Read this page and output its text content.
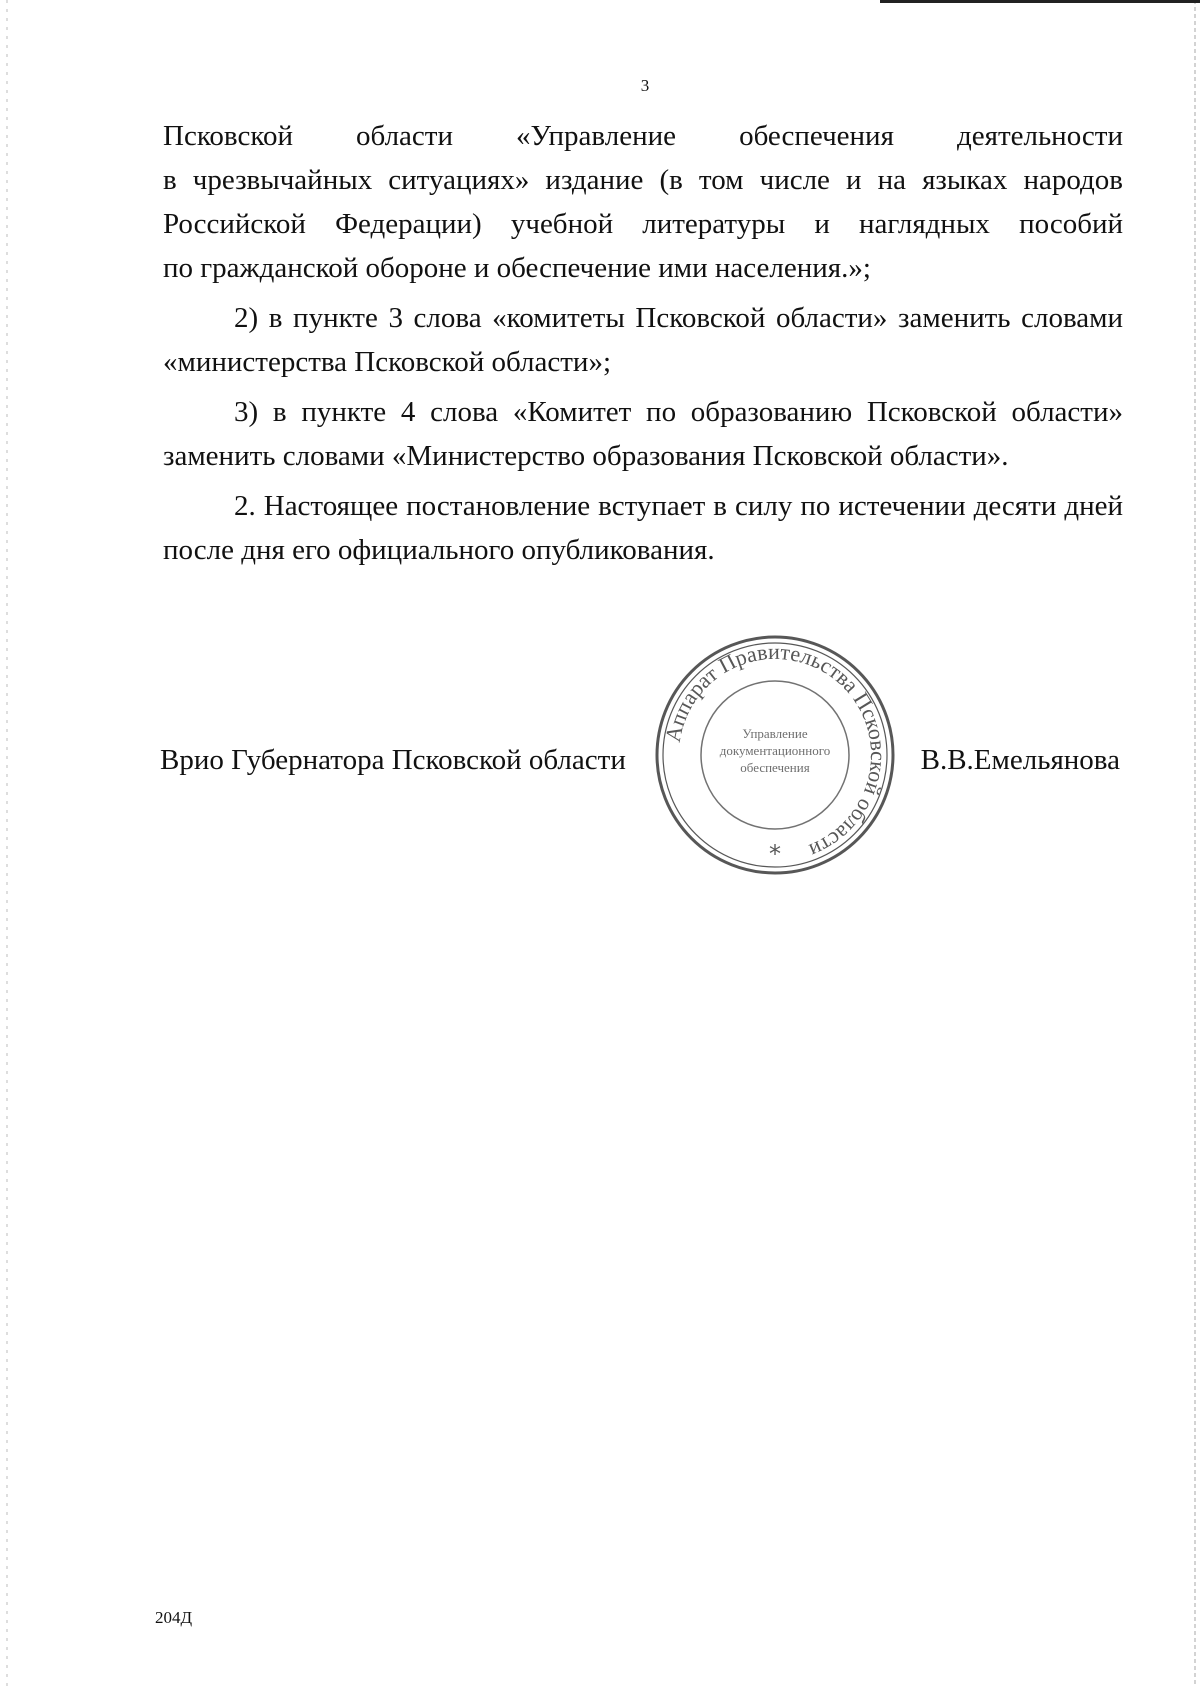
3

Псковской области «Управление обеспечения деятельности

в чрезвычайных ситуациях» издание (в том числе и на языках народов

Российской Федерации) учебной литературы и наглядных пособий

по гражданской обороне и обеспечение ими населения.»;

2) в пункте 3 слова «комитеты Псковской области» заменить словами «министерства Псковской области»;

3) в пункте 4 слова «Комитет по образованию Псковской области» заменить словами «Министерство образования Псковской области».

2. Настоящее постановление вступает в силу по истечении десяти дней после дня его официального опубликования.

Врио Губернатора Псковской области	В.В.Емельянова
Аппарат Правительства Псковской области
*
Управление
документационного
обеспечения
204Д
